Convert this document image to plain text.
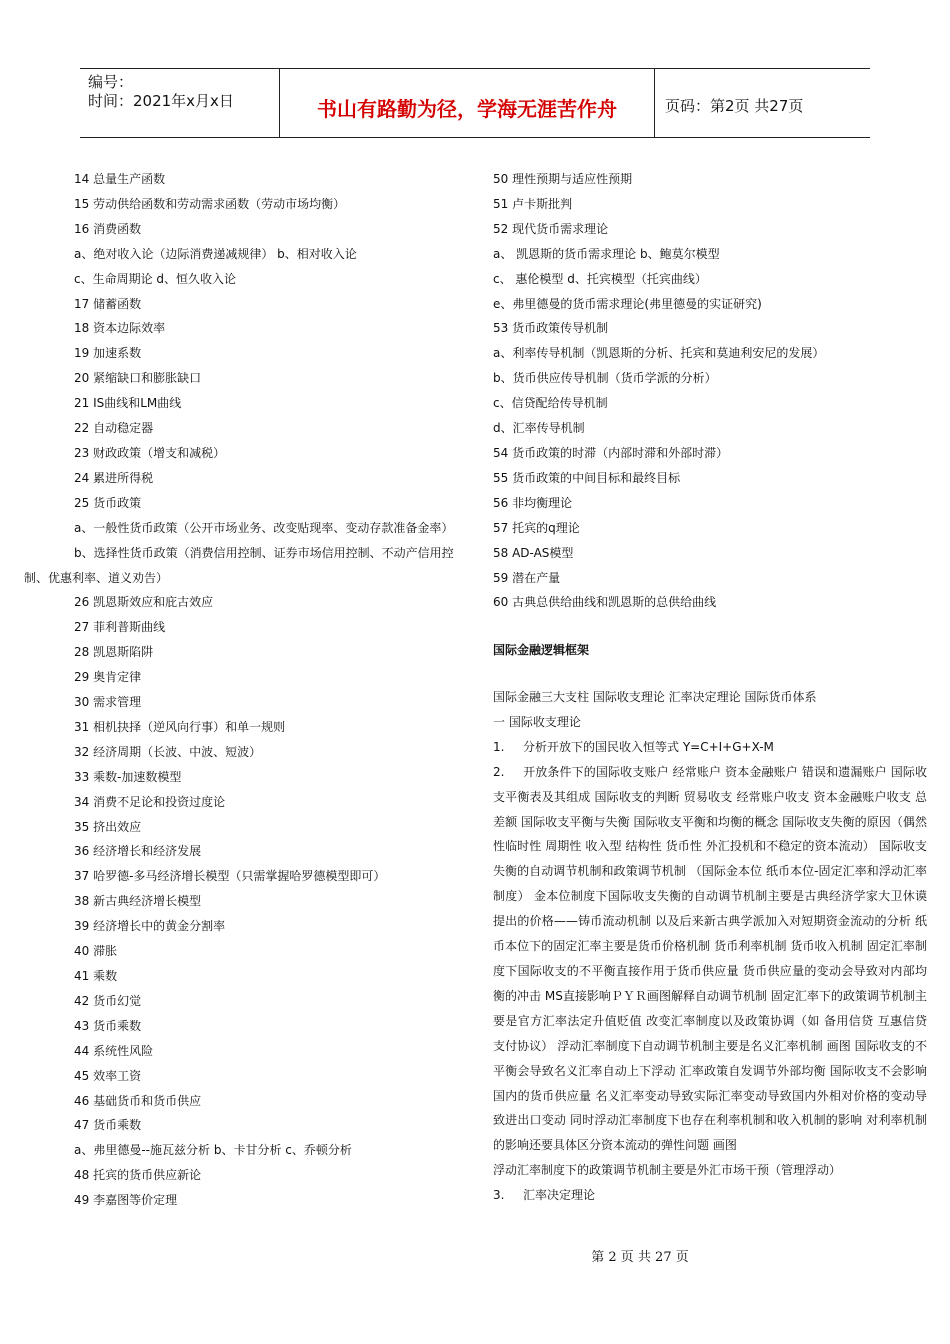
编号：
时间：2021年x月x日	书山有路勤为径，学海无涯苦作舟	页码：第2页 共27页
14 总量生产函数
15 劳动供给函数和劳动需求函数（劳动市场均衡）
16 消费函数
a、绝对收入论（边际消费递减规律） b、相对收入论
c、生命周期论 d、恒久收入论
17 储蓄函数
18 资本边际效率
19 加速系数
20 紧缩缺口和膨胀缺口
21 IS曲线和LM曲线
22 自动稳定器
23 财政政策（增支和减税）
24 累进所得税
25 货币政策
a、一般性货币政策（公开市场业务、改变贴现率、变动存款准备金率）
b、选择性货币政策（消费信用控制、证券市场信用控制、不动产信用控制、优惠利率、道义劝告）
26 凯恩斯效应和庇古效应
27 菲利普斯曲线
28 凯恩斯陷阱
29 奥肯定律
30 需求管理
31 相机抉择（逆风向行事）和单一规则
32 经济周期（长波、中波、短波）
33 乘数-加速数模型
34 消费不足论和投资过度论
35 挤出效应
36 经济增长和经济发展
37 哈罗德-多马经济增长模型（只需掌握哈罗德模型即可）
38 新古典经济增长模型
39 经济增长中的黄金分割率
40 滞胀
41 乘数
42 货币幻觉
43 货币乘数
44 系统性风险
45 效率工资
46 基础货币和货币供应
47 货币乘数
a、弗里德曼--施瓦兹分析 b、卡甘分析 c、乔顿分析
48 托宾的货币供应新论
49 李嘉图等价定理
50 理性预期与适应性预期
51 卢卡斯批判
52 现代货币需求理论
a、 凯恩斯的货币需求理论 b、鲍莫尔模型
c、 惠伦模型 d、托宾模型（托宾曲线）
e、弗里德曼的货币需求理论(弗里德曼的实证研究)
53 货币政策传导机制
a、利率传导机制（凯恩斯的分析、托宾和莫迪利安尼的发展）
b、货币供应传导机制（货币学派的分析）
c、信贷配给传导机制
d、汇率传导机制
54 货币政策的时滞（内部时滞和外部时滞）
55 货币政策的中间目标和最终目标
56 非均衡理论
57 托宾的q理论
58 AD-AS模型
59 潜在产量
60 古典总供给曲线和凯恩斯的总供给曲线
国际金融逻辑框架
国际金融三大支柱 国际收支理论 汇率决定理论 国际货币体系
一 国际收支理论
1. 分析开放下的国民收入恒等式 Y=C+I+G+X-M
2. 开放条件下的国际收支账户 经常账户 资本金融账户 错误和遗漏账户 国际收支平衡表及其组成 国际收支的判断 贸易收支 经常账户收支 资本金融账户收支 总差额 国际收支平衡与失衡 国际收支平衡和均衡的概念 国际收支失衡的原因（偶然性临时性 周期性 收入型 结构性 货币性 外汇投机和不稳定的资本流动） 国际收支失衡的自动调节机制和政策调节机制 （国际金本位 纸币本位-固定汇率和浮动汇率制度） 金本位制度下国际收支失衡的自动调节机制主要是古典经济学家大卫休谟提出的价格——铸币流动机制 以及后来新古典学派加入对短期资金流动的分析 纸币本位下的固定汇率主要是货币价格机制 货币利率机制 货币收入机制 固定汇率制度下国际收支的不平衡直接作用于货币供应量 货币供应量的变动会导致对内部均衡的冲击 MS直接影响ＰＹＲ画图解释自动调节机制 固定汇率下的政策调节机制主要是官方汇率法定升值贬值 改变汇率制度以及政策协调（如 备用信贷 互惠信贷 支付协议） 浮动汇率制度下自动调节机制主要是名义汇率机制 画图 国际收支的不平衡会导致名义汇率自动上下浮动 汇率政策自发调节外部均衡 国际收支不会影响国内的货币供应量 名义汇率变动导致实际汇率变动导致国内外相对价格的变动导致进出口变动 同时浮动汇率制度下也存在利率机制和收入机制的影响 对利率机制的影响还要具体区分资本流动的弹性问题 画图
浮动汇率制度下的政策调节机制主要是外汇市场干预（管理浮动）
3. 汇率决定理论
第 2 页 共 27 页
